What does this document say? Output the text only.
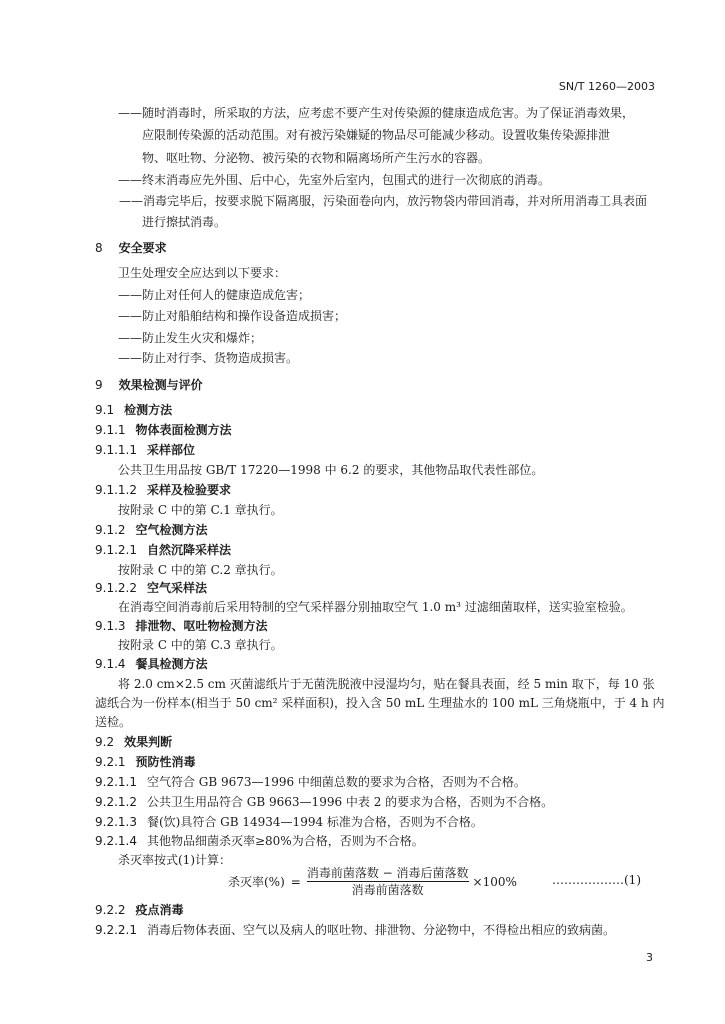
SN/T 1260—2003
——随时消毒时，所采取的方法，应考虑不要产生对传染源的健康造成危害。为了保证消毒效果，
应限制传染源的活动范围。对有被污染嫌疑的物品尽可能减少移动。设置收集传染源排泄
物、呕吐物、分泌物、被污染的衣物和隔离场所产生污水的容器。
——终末消毒应先外围、后中心，先室外后室内，包围式的进行一次彻底的消毒。
——消毒完毕后，按要求脱下隔离服，污染面卷向内，放污物袋内带回消毒，并对所用消毒工具表面
进行擦拭消毒。
8 安全要求
卫生处理安全应达到以下要求：
——防止对任何人的健康造成危害；
——防止对船舶结构和操作设备造成损害；
——防止发生火灾和爆炸；
——防止对行李、货物造成损害。
9 效果检测与评价
9.1 检测方法
9.1.1 物体表面检测方法
9.1.1.1 采样部位
公共卫生用品按 GB/T 17220—1998 中 6.2 的要求，其他物品取代表性部位。
9.1.1.2 采样及检验要求
按附录 C 中的第 C.1 章执行。
9.1.2 空气检测方法
9.1.2.1 自然沉降采样法
按附录 C 中的第 C.2 章执行。
9.1.2.2 空气采样法
在消毒空间消毒前后采用特制的空气采样器分别抽取空气 1.0 m³ 过滤细菌取样，送实验室检验。
9.1.3 排泄物、呕吐物检测方法
按附录 C 中的第 C.3 章执行。
9.1.4 餐具检测方法
将 2.0 cm×2.5 cm 灭菌滤纸片于无菌洗脱液中浸湿均匀，贴在餐具表面，经 5 min 取下，每 10 张
滤纸合为一份样本(相当于 50 cm² 采样面积)，投入含 50 mL 生理盐水的 100 mL 三角烧瓶中，于 4 h 内
送检。
9.2 效果判断
9.2.1 预防性消毒
9.2.1.1 空气符合 GB 9673—1996 中细菌总数的要求为合格，否则为不合格。
9.2.1.2 公共卫生用品符合 GB 9663—1996 中表 2 的要求为合格，否则为不合格。
9.2.1.3 餐(饮)具符合 GB 14934—1994 标准为合格，否则为不合格。
9.2.1.4 其他物品细菌杀灭率≥80%为合格，否则为不合格。
杀灭率按式(1)计算：
杀灭率(%) = $\frac{\text{消毒前菌落数 − 消毒后菌落数}}{\text{消毒前菌落数}} \times 100\%$	………………(1)
9.2.2 疫点消毒
9.2.2.1 消毒后物体表面、空气以及病人的呕吐物、排泄物、分泌物中，不得检出相应的致病菌。
3
